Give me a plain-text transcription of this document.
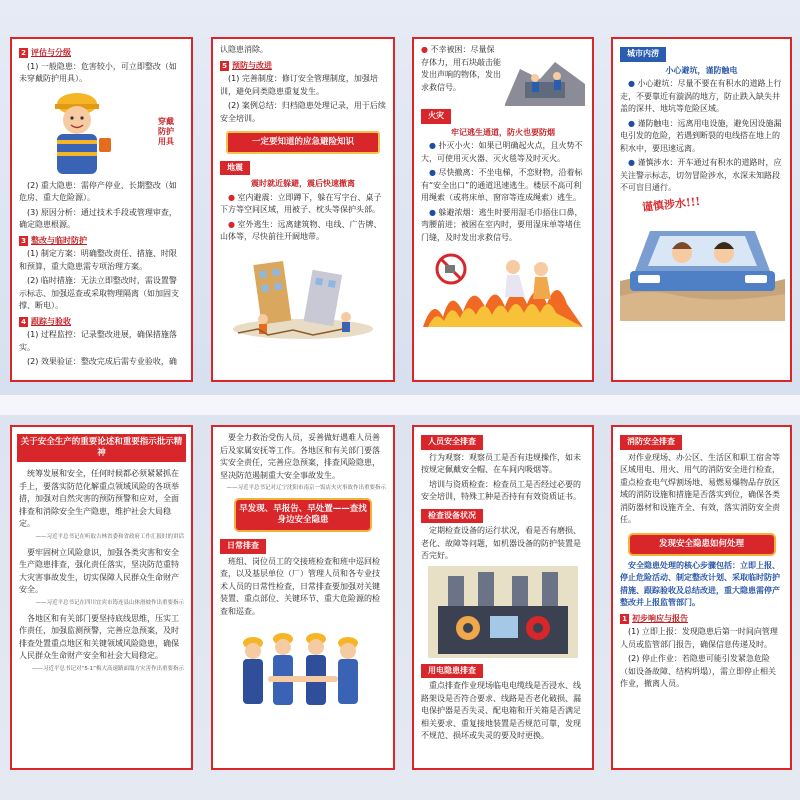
2 评估与分级

(1) 一般隐患：危害较小，可立即整改（如未穿戴防护用具）。

穿戴防护用具

(2) 重大隐患：需停产停业、长期整改（如危房、重大危险源）。

(3) 原因分析：通过技术手段或管理审查，确定隐患根源。

3 整改与临时防护

(1) 制定方案：明确整改责任、措施、时限和预算，重大隐患需专项治理方案。

(2) 临时措施：无法立即整改时，需设置警示标志、加强巡查或采取物理隔离（如加固支撑、断电）。

4 跟踪与验收

(1) 过程监控：记录整改进展，确保措施落实。

(2) 效果验证：整改完成后需专业验收，确

认隐患消除。

5 预防与改进

(1) 完善制度：修订安全管理制度，加强培训，避免同类隐患重复发生。

(2) 案例总结：归档隐患处理记录，用于后续安全培训。

一定要知道的应急避险知识
地震
震时就近躲避，震后快速撤离

● 室内避震：立即蹲下，躲在写字台、桌子下方等空间区域，用被子、枕头等保护头部。

● 室外逃生：远离建筑物、电线、广告牌、山体等，尽快前往开阔地带。

● 不幸被困：尽量保存体力，用石块敲击能发出声响的物体，发出求救信号。

火灾
牢记逃生通道，防火也要防烟

● 扑灭小火：如果已明确起火点，且火势不大，可使用灭火器、灭火毯等及时灭火。

● 尽快撤离：不坐电梯，不恋财物，沿着标有“安全出口”的通道迅速逃生。楼层不高可利用绳索（或将床单、窗帘等连成绳索）逃生。

● 躲避浓烟：逃生时要用湿毛巾捂住口鼻，弯腰前进；被困在室内时，要用湿床单等堵住门缝，及时发出求救信号。

城市内涝
小心避坑，谨防触电

● 小心避坑：尽量不要在有积水的道路上行走，不要靠近有漩涡的地方，防止跌入缺失井盖的深井、地坑等危险区域。

● 谨防触电：远离用电设施，避免因设施漏电引发的危险，若遇到断裂的电线搭在地上的积水中，要迅速远离。

● 谨慎涉水：开车通过有积水的道路时，应关注警示标志，切勿冒险涉水，水深未知路段不可盲目通行。

谨慎涉水!!!
关于安全生产的重要论述和重要指示批示精神

统筹发展和安全，任何时候都必须紧紧抓在手上，要落实防范化解重点领域风险的各项举措，加强对自然灾害的预防预警和应对，全面排查和消除安全生产隐患，维护社会大局稳定。

——习近平总书记在听取吉林省委和省政府工作汇报时的讲话

要牢固树立风险意识，加强各类灾害和安全生产隐患排查，强化责任落实，坚决防范重特大灾害事故发生，切实保障人民群众生命财产安全。

——习近平总书记在四川宜宾市筠连县山体滑坡作出重要指示

各地区和有关部门要坚持底线思维，压实工作责任，加强监测预警，完善应急预案，及时排查处置重点地区和关键领域风险隐患，确保人民群众生命财产安全和社会大局稳定。

——习近平总书记对“5·1”梅大高速路面塌方灾害作出重要指示

要全力救治受伤人员，妥善做好遇难人员善后及家属安抚等工作。各地区和有关部门要落实安全责任，完善应急预案，排查风险隐患，坚决防范遏制重大安全事故发生。

——习近平总书记对辽宁沈阳市南京一饭店火灾事故作出重要指示
早发现、早报告、早处置——查找身边安全隐患
日常排查

班组、岗位员工的交接班检查和班中巡回检查，以及基层单位（厂）管理人员和各专业技术人员的日常性检查，日常排查要加强对关键装置、重点部位、关键环节、重大危险源的检查和巡查。

人员安全排查

行为观察：观察员工是否有违规操作，如未按规定佩戴安全帽、在车间内吸烟等。

培训与资质检查：检查员工是否经过必要的安全培训，特殊工种是否持有有效资质证书。

检查设备状况

定期检查设备的运行状况，看是否有磨损、老化、故障等问题，如机器设备的防护装置是否完好。

用电隐患排查

重点排查作业现场临电电缆线是否浸水、线路架设是否符合要求、线路是否老化破损、漏电保护器是否失灵、配电箱和开关箱是否满足相关要求、重复接地装置是否规范可靠，发现不规范、损坏或失灵的要及时更换。

消防安全排查

对作业现场、办公区、生活区和职工宿舍等区域用电、用火、用气的消防安全进行检查，重点检查电气焊割场地、易燃易爆物品存放区域的消防设施和措施是否落实到位，确保各类消防器材和设施齐全、有效，落实消防安全责任。

发现安全隐患如何处理

安全隐患处理的核心步骤包括：立即上报、停止危险活动、制定整改计划、采取临时防护措施、跟踪验收及总结改进，重大隐患需停产整改并上报监管部门。

1 初步响应与报告

(1) 立即上报：发现隐患后第一时间向管理人员或监管部门报告，确保信息传递及时。

(2) 停止作业：若隐患可能引发紧急危险（如设备故障、结构坍塌），需立即停止相关作业，撤离人员。
